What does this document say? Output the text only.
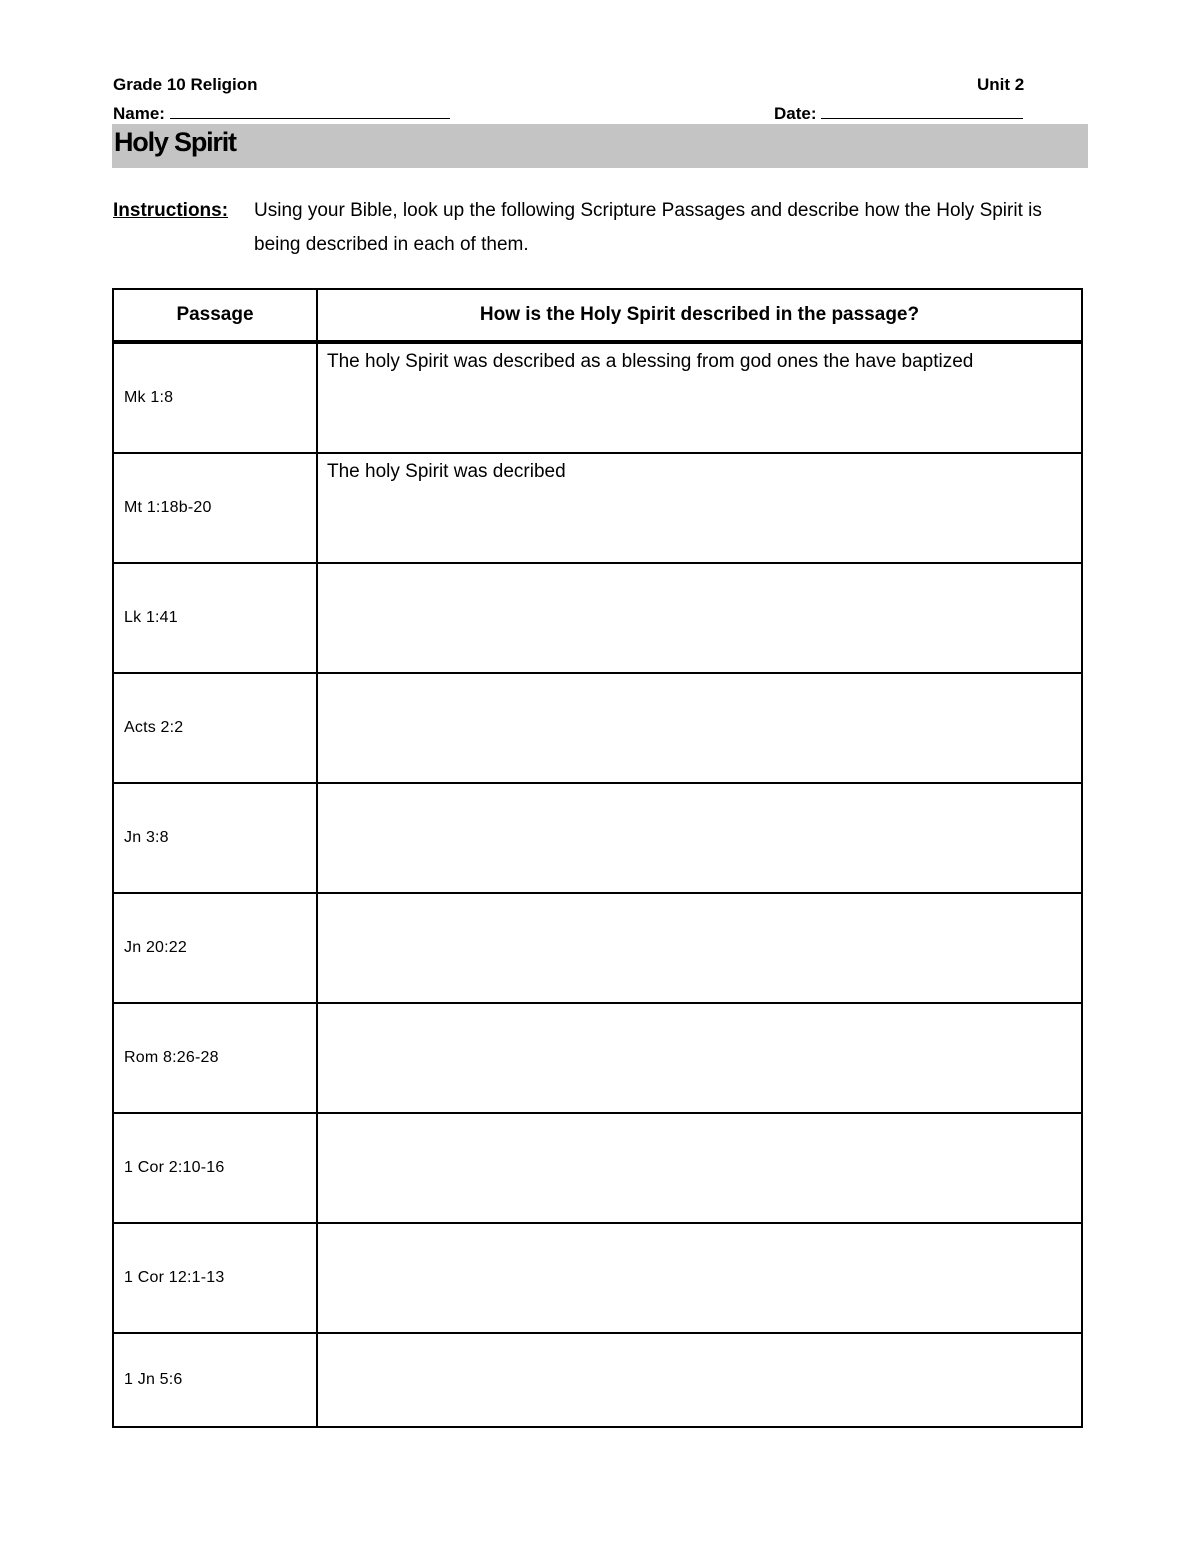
Grade 10 Religion	Unit 2
Name:	Date:
Holy Spirit
Instructions: Using your Bible, look up the following Scripture Passages and describe how the Holy Spirit is being described in each of them.
Passage	How is the Holy Spirit described in the passage?
Mk 1:8	The holy Spirit was described as a blessing from god ones the have baptized
Mt 1:18b-20	The holy Spirit was decribed
Lk 1:41	
Acts 2:2	
Jn 3:8	
Jn 20:22	
Rom 8:26-28	
1 Cor 2:10-16	
1 Cor 12:1-13	
1 Jn 5:6	
